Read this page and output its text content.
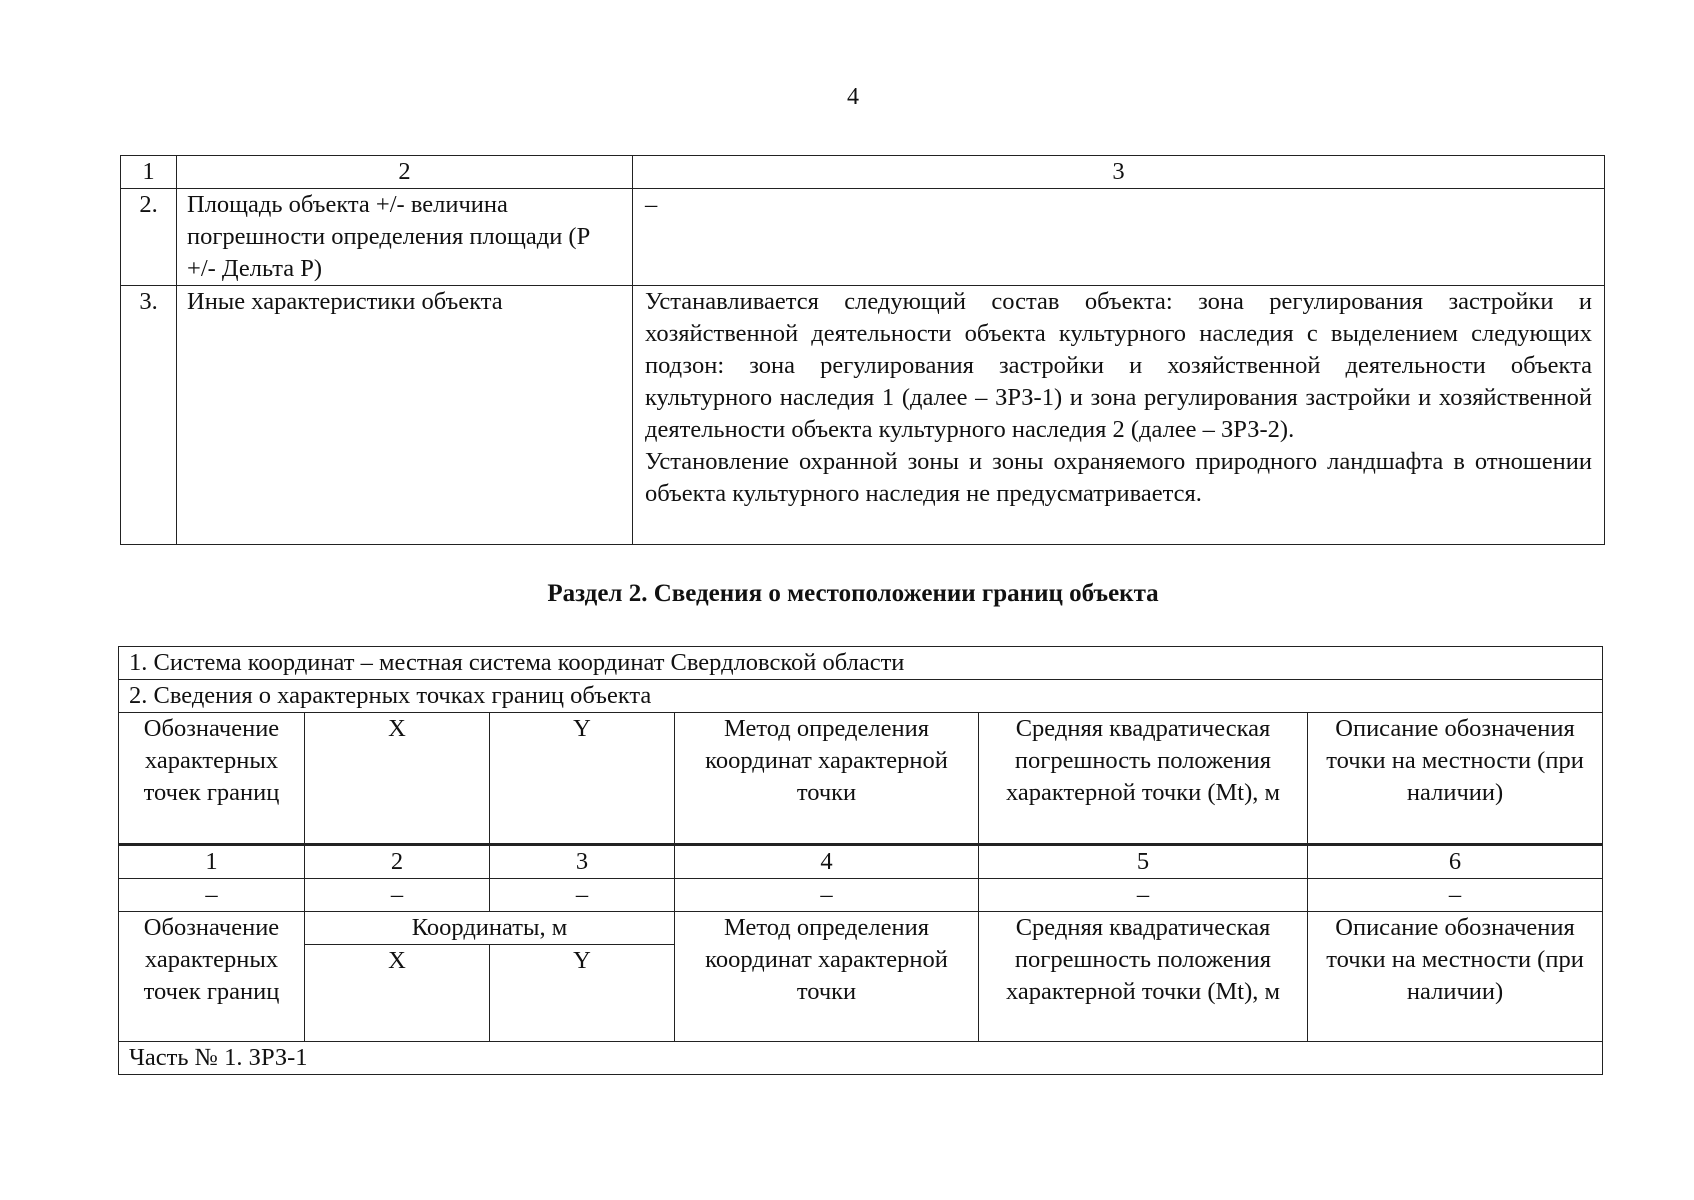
4
1	2	3
2.	Площадь объекта +/- величина погрешности определения площади (Р +/- Дельта Р)	–

3.	Иные характеристики объекта	Устанавливается следующий состав объекта: зона регулирования застройки и хозяйственной деятельности объекта культурного наследия с выделением следующих подзон: зона регулирования застройки и хозяйственной деятельности объекта культурного наследия 1 (далее – ЗРЗ-1) и зона регулирования застройки и хозяйственной деятельности объекта культурного наследия 2 (далее – ЗРЗ-2).

Установление охранной зоны и зоны охраняемого природного ландшафта в отношении объекта культурного наследия не предусматривается.

Раздел 2. Сведения о местоположении границ объекта
1. Система координат – местная система координат Свердловской области					
2. Сведения о характерных точках границ объекта					
Обозначение характерных точек границ	X	Y	Метод определения координат характерной точки	Средняя квадратическая погрешность положения характерной точки (Mt), м	Описание обозначения точки на местности (при наличии)
1	2	3	4	5	6
–	–	–	–	–	–
Обозначение характерных точек границ	Координаты, м		Метод определения координат характерной точки	Средняя квадратическая погрешность положения характерной точки (Mt), м	Описание обозначения точки на местности (при наличии)
	X	Y			
Часть № 1. ЗРЗ-1					
